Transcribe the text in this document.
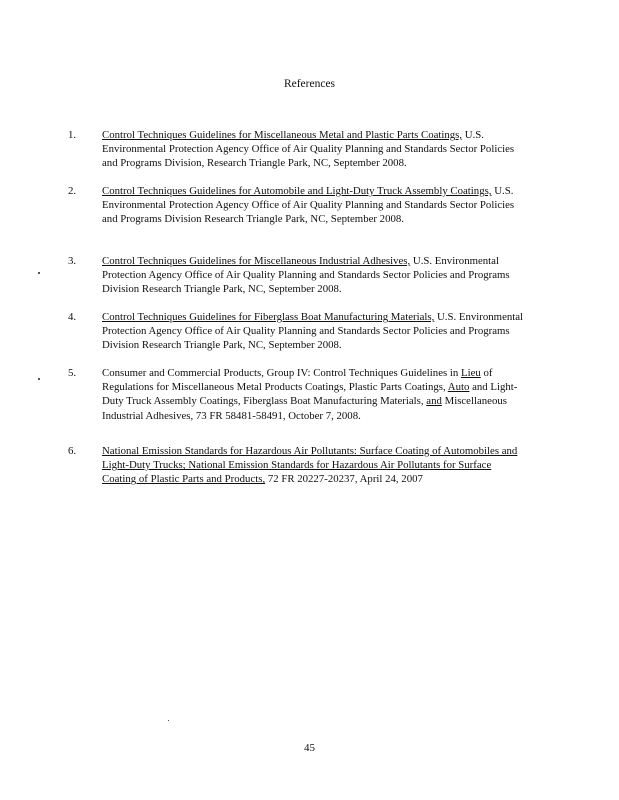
References
1.	Control Techniques Guidelines for Miscellaneous Metal and Plastic Parts Coatings, U.S. Environmental Protection Agency Office of Air Quality Planning and Standards Sector Policies and Programs Division, Research Triangle Park, NC, September 2008.
2.	Control Techniques Guidelines for Automobile and Light-Duty Truck Assembly Coatings, U.S. Environmental Protection Agency Office of Air Quality Planning and Standards Sector Policies and Programs Division Research Triangle Park, NC, September 2008.
3.	Control Techniques Guidelines for Miscellaneous Industrial Adhesives, U.S. Environmental Protection Agency Office of Air Quality Planning and Standards Sector Policies and Programs Division Research Triangle Park, NC, September 2008.
4.	Control Techniques Guidelines for Fiberglass Boat Manufacturing Materials, U.S. Environmental Protection Agency Office of Air Quality Planning and Standards Sector Policies and Programs Division Research Triangle Park, NC, September 2008.
5.	Consumer and Commercial Products, Group IV: Control Techniques Guidelines in Lieu of Regulations for Miscellaneous Metal Products Coatings, Plastic Parts Coatings, Auto and Light-Duty Truck Assembly Coatings, Fiberglass Boat Manufacturing Materials, and Miscellaneous Industrial Adhesives, 73 FR 58481-58491, October 7, 2008.
6.	National Emission Standards for Hazardous Air Pollutants: Surface Coating of Automobiles and Light-Duty Trucks; National Emission Standards for Hazardous Air Pollutants for Surface Coating of Plastic Parts and Products, 72 FR 20227-20237, April 24, 2007
45
